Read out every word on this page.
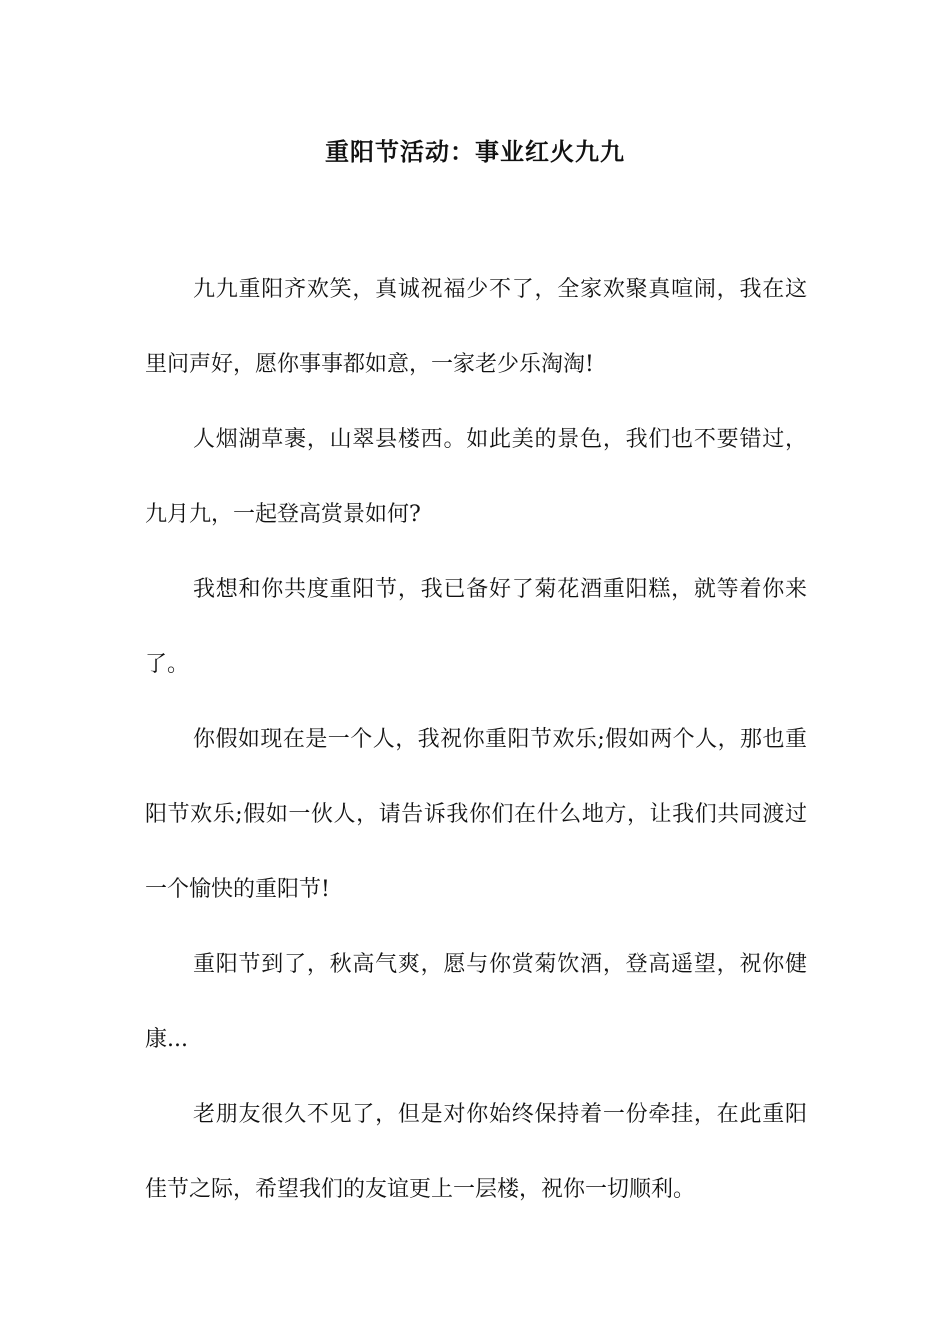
重阳节活动：事业红火九九

九九重阳齐欢笑，真诚祝福少不了，全家欢聚真喧闹，我在这里问声好，愿你事事都如意，一家老少乐淘淘!

人烟湖草裹，山翠县楼西。如此美的景色，我们也不要错过，九月九，一起登高赏景如何?

我想和你共度重阳节，我已备好了菊花酒重阳糕，就等着你来了。

你假如现在是一个人，我祝你重阳节欢乐;假如两个人，那也重阳节欢乐;假如一伙人，请告诉我你们在什么地方，让我们共同渡过一个愉快的重阳节!

重阳节到了，秋高气爽，愿与你赏菊饮酒，登高遥望，祝你健康...

老朋友很久不见了，但是对你始终保持着一份牵挂，在此重阳佳节之际，希望我们的友谊更上一层楼，祝你一切顺利。
